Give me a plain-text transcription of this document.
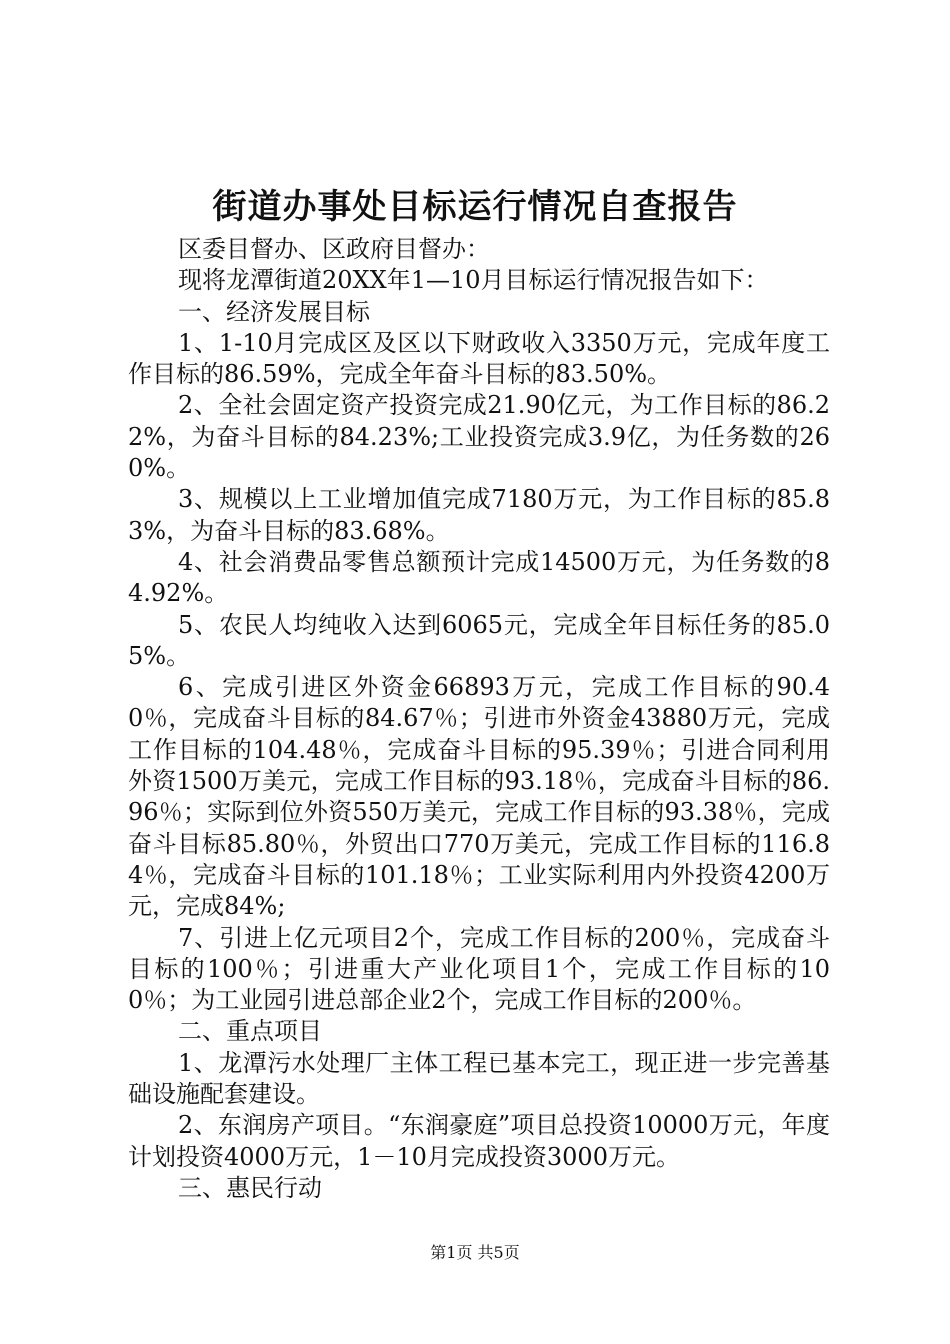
街道办事处目标运行情况自查报告

区委目督办、区政府目督办：

现将龙潭街道20XX年1—10月目标运行情况报告如下：

一、经济发展目标

1、1-10月完成区及区以下财政收入3350万元，完成年度工作目标的86.59%，完成全年奋斗目标的83.50%。

2、全社会固定资产投资完成21.90亿元，为工作目标的86.22%，为奋斗目标的84.23%;工业投资完成3.9亿，为任务数的260%。

3、规模以上工业增加值完成7180万元，为工作目标的85.83%，为奋斗目标的83.68%。

4、社会消费品零售总额预计完成14500万元，为任务数的84.92%。

5、农民人均纯收入达到6065元，完成全年目标任务的85.05%。

6、完成引进区外资金66893万元，完成工作目标的90.40％，完成奋斗目标的84.67％；引进市外资金43880万元，完成工作目标的104.48％，完成奋斗目标的95.39％；引进合同利用外资1500万美元，完成工作目标的93.18％，完成奋斗目标的86.96％；实际到位外资550万美元，完成工作目标的93.38％，完成奋斗目标85.80％，外贸出口770万美元，完成工作目标的116.84％，完成奋斗目标的101.18％；工业实际利用内外投资4200万元，完成84%;

7、引进上亿元项目2个，完成工作目标的200％，完成奋斗目标的100％；引进重大产业化项目1个，完成工作目标的100％；为工业园引进总部企业2个，完成工作目标的200％。

二、重点项目

1、龙潭污水处理厂主体工程已基本完工，现正进一步完善基础设施配套建设。

2、东润房产项目。“东润豪庭”项目总投资10000万元，年度计划投资4000万元，1－10月完成投资3000万元。

三、惠民行动

第1页 共5页
